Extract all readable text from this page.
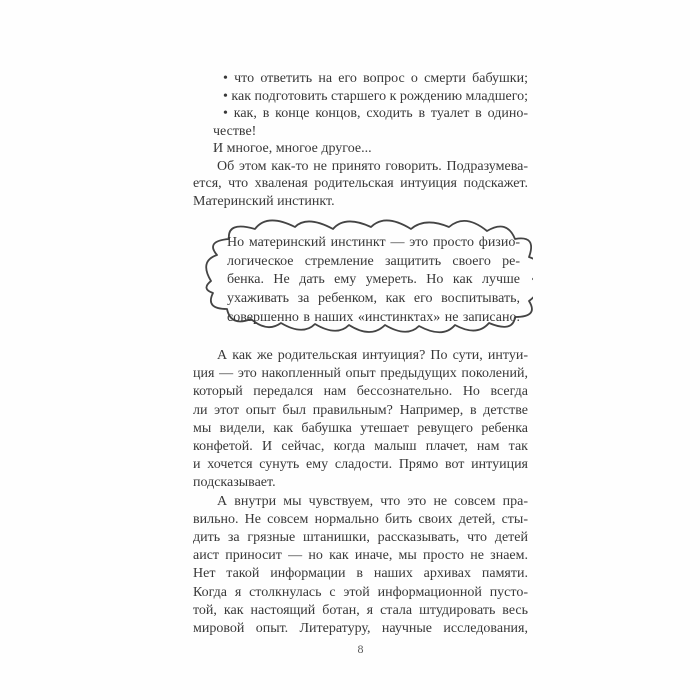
• что ответить на его вопрос о смерти бабушки;
• как подготовить старшего к рождению младшего;
• как, в конце концов, сходить в туалет в одино-
честве!
И многое, многое другое...
Об этом как-то не принято говорить. Подразумева-
ется, что хваленая родительская интуиция подскажет.
Материнский инстинкт.
Но материнский инстинкт — это просто физио-
логическое стремление защитить своего ре-
бенка. Не дать ему умереть. Но как лучше
ухаживать за ребенком, как его воспитывать,
совершенно в наших «инстинктах» не записано.
А как же родительская интуиция? По сути, интуи-
ция — это накопленный опыт предыдущих поколений,
который передался нам бессознательно. Но всегда
ли этот опыт был правильным? Например, в детстве
мы видели, как бабушка утешает ревущего ребенка
конфетой. И сейчас, когда малыш плачет, нам так
и хочется сунуть ему сладости. Прямо вот интуиция
подсказывает.
А внутри мы чувствуем, что это не совсем пра-
вильно. Не совсем нормально бить своих детей, сты-
дить за грязные штанишки, рассказывать, что детей
аист приносит — но как иначе, мы просто не знаем.
Нет такой информации в наших архивах памяти.
Когда я столкнулась с этой информационной пусто-
той, как настоящий ботан, я стала штудировать весь
мировой опыт. Литературу, научные исследования,
8
